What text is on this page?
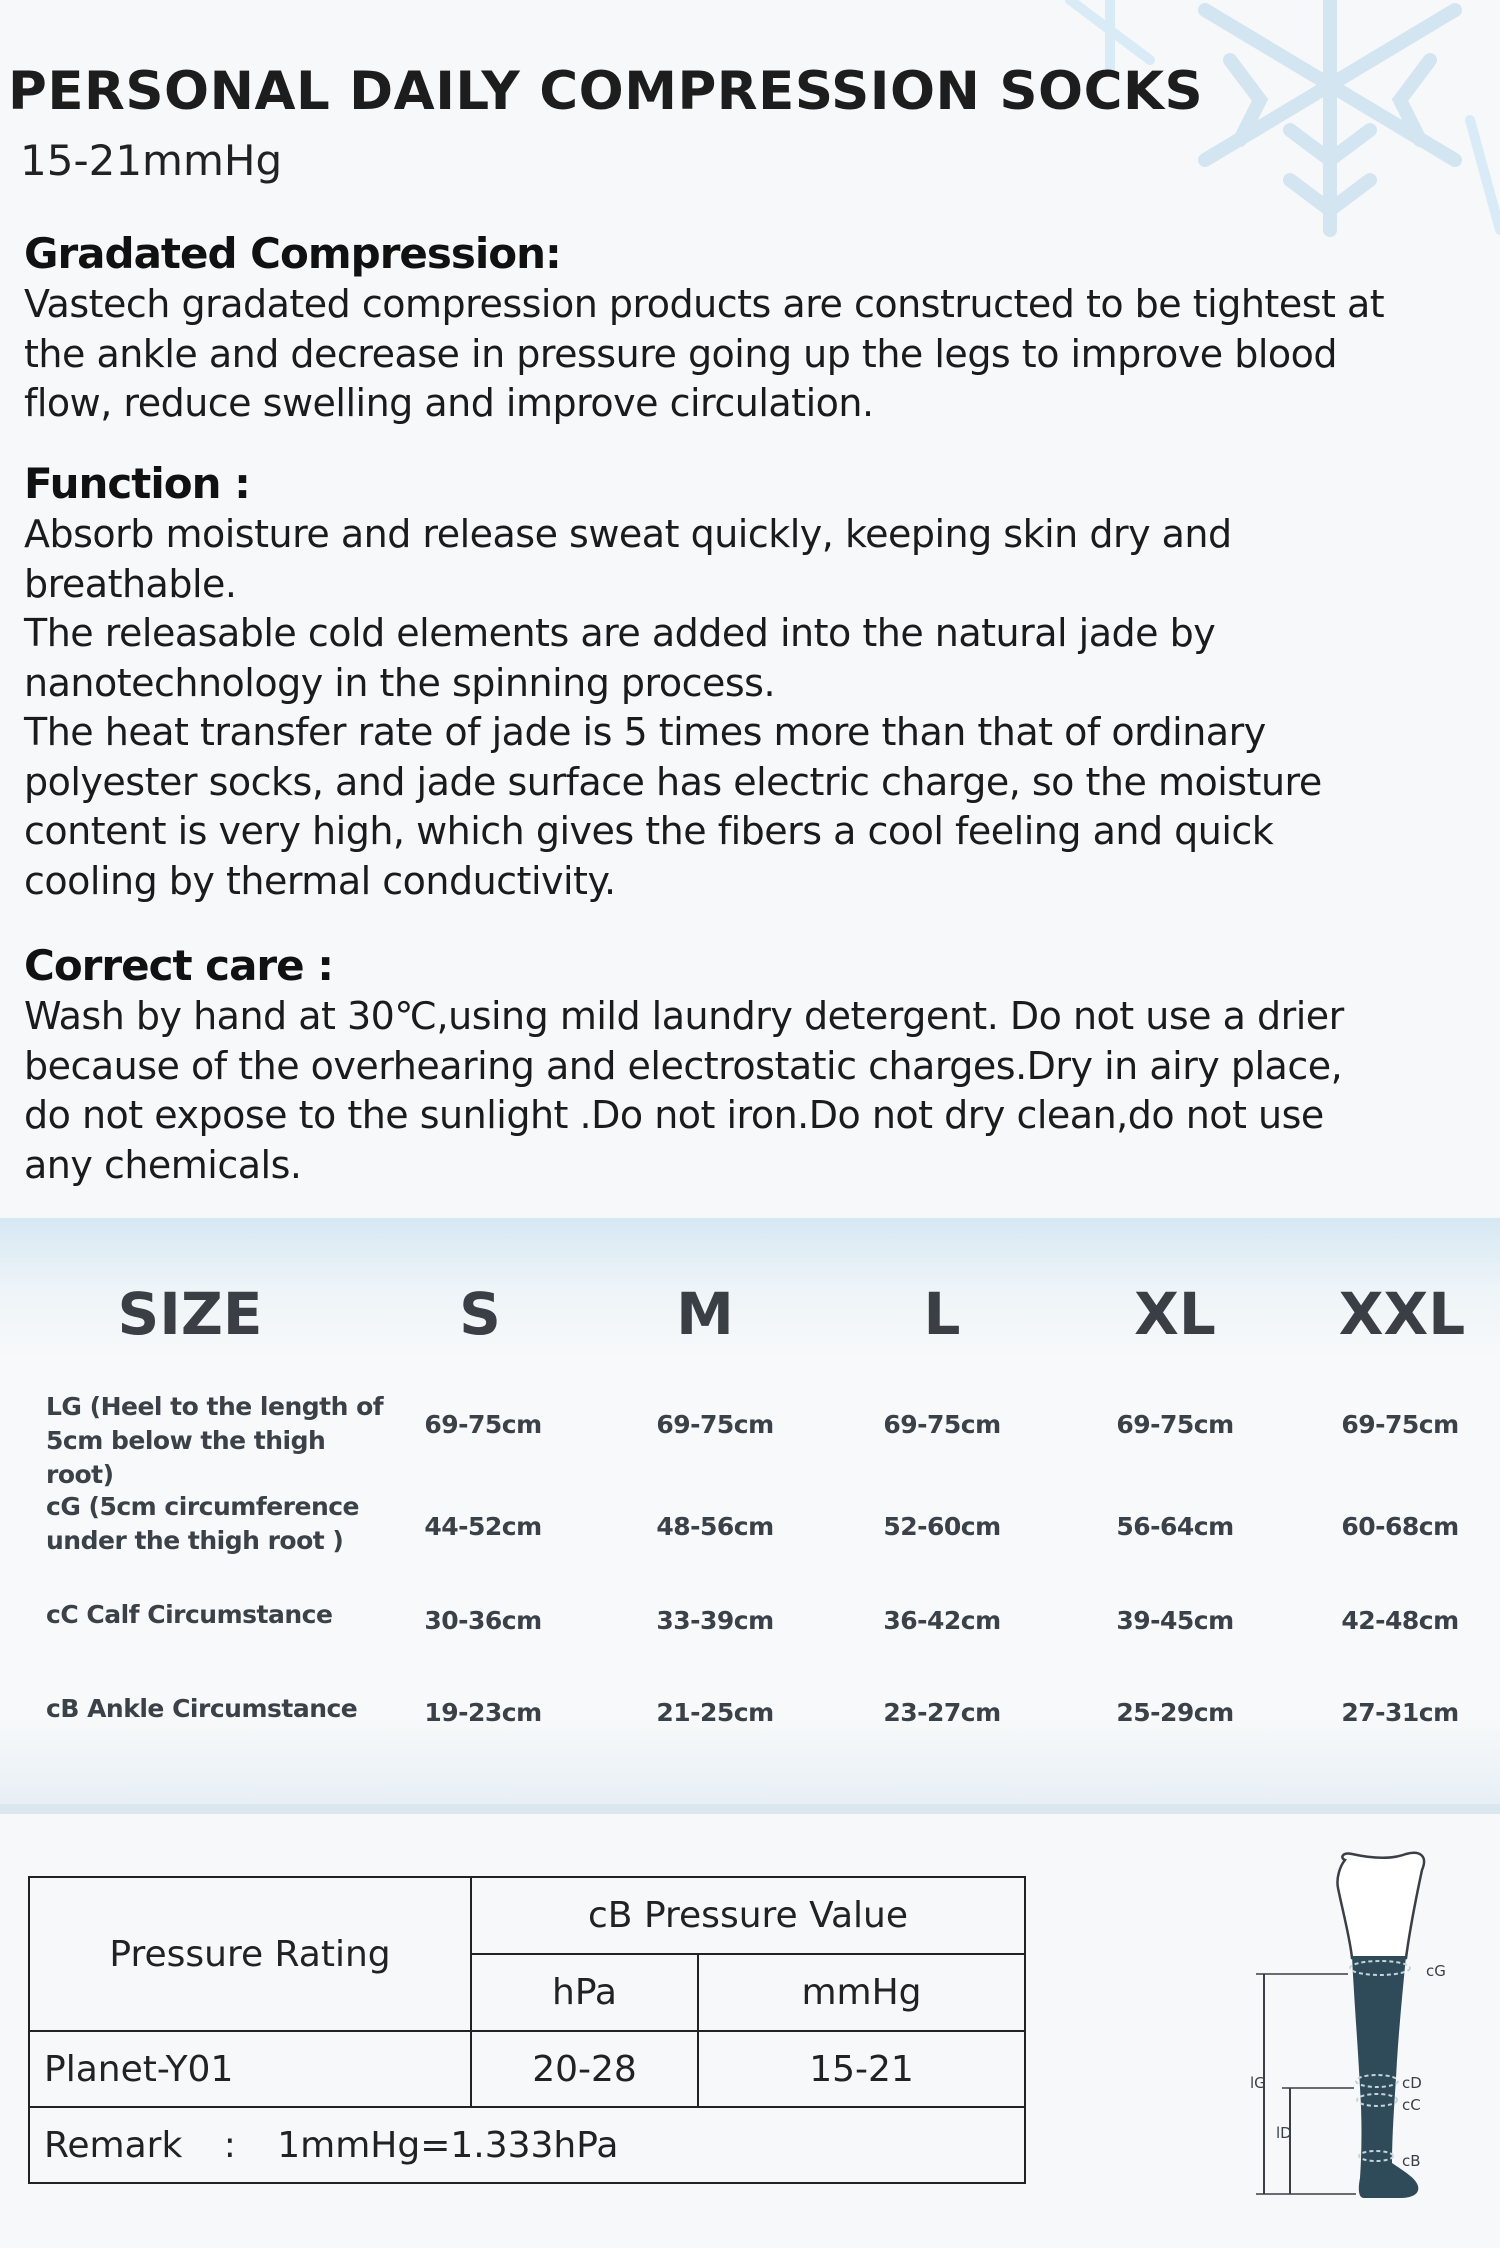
PERSONAL DAILY COMPRESSION SOCKS
15-21mmHg
Gradated Compression:

Vastech gradated compression products are constructed to be tightest at

the ankle and decrease in pressure going up the legs to improve blood

flow, reduce swelling and improve circulation.

Function :

Absorb moisture and release sweat quickly, keeping skin dry and

breathable.

The releasable cold elements are added into the natural jade by

nanotechnology in the spinning process.

The heat transfer rate of jade is 5 times more than that of ordinary

polyester socks, and jade surface has electric charge, so the moisture

content is very high, which gives the fibers a cool feeling and quick

cooling by thermal conductivity.

Correct care :

Wash by hand at 30℃,using mild laundry detergent. Do not use a drier

because of the overhearing and electrostatic charges.Dry in airy place,

do not expose to the sunlight .Do not iron.Do not dry clean,do not use

any chemicals.

SIZE	S	M	L	XL	XXL
LG (Heel to the length of
5cm below the thigh root)
69-75cm	69-75cm	69-75cm	69-75cm	69-75cm
cG (5cm circumference
under the thigh root )	44-52cm	48-56cm	52-60cm	56-64cm	60-68cm
cC Calf Circumstance	30-36cm	33-39cm	36-42cm	39-45cm	42-48cm
cB Ankle Circumstance	19-23cm	21-25cm	23-27cm	25-29cm	27-31cm
Pressure Rating	cB Pressure Value	
	hPa	mmHg
Planet-Y01	20-28	15-21
Remark : 1mmHg=1.333hPa		
cG
cD
cC
cB
lG
lD
